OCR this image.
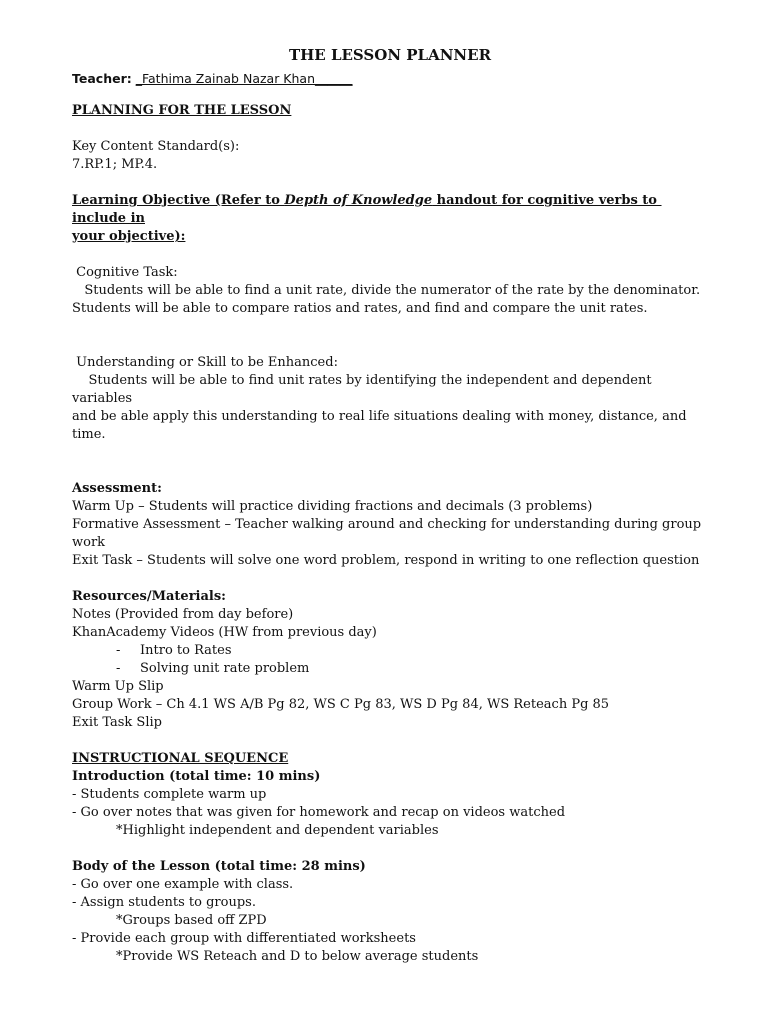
THE LESSON PLANNER
Teacher: _Fathima Zainab Nazar Khan______
PLANNING FOR THE LESSON
Key Content Standard(s):
7.RP.1; MP.4.
Learning Objective (Refer to Depth of Knowledge handout for cognitive verbs to include in
your objective):
Cognitive Task:
Students will be able to find a unit rate, divide the numerator of the rate by the denominator.
Students will be able to compare ratios and rates, and find and compare the unit rates.
Understanding or Skill to be Enhanced:
Students will be able to find unit rates by identifying the independent and dependent variables
and be able apply this understanding to real life situations dealing with money, distance, and
time.
Assessment:
Warm Up – Students will practice dividing fractions and decimals (3 problems)
Formative Assessment – Teacher walking around and checking for understanding during group
work
Exit Task – Students will solve one word problem, respond in writing to one reflection question
Resources/Materials:
Notes (Provided from day before)
KhanAcademy Videos (HW from previous day)
-	Intro to Rates
-	Solving unit rate problem
Warm Up Slip
Group Work – Ch 4.1 WS A/B Pg 82, WS C Pg 83, WS D Pg 84, WS Reteach Pg 85
Exit Task Slip
INSTRUCTIONAL SEQUENCE
Introduction (total time: 10 mins)
- Students complete warm up
- Go over notes that was given for homework and recap on videos watched
*Highlight independent and dependent variables
Body of the Lesson (total time: 28 mins)
- Go over one example with class.
- Assign students to groups.
*Groups based off ZPD
- Provide each group with differentiated worksheets
*Provide WS Reteach and D to below average students
